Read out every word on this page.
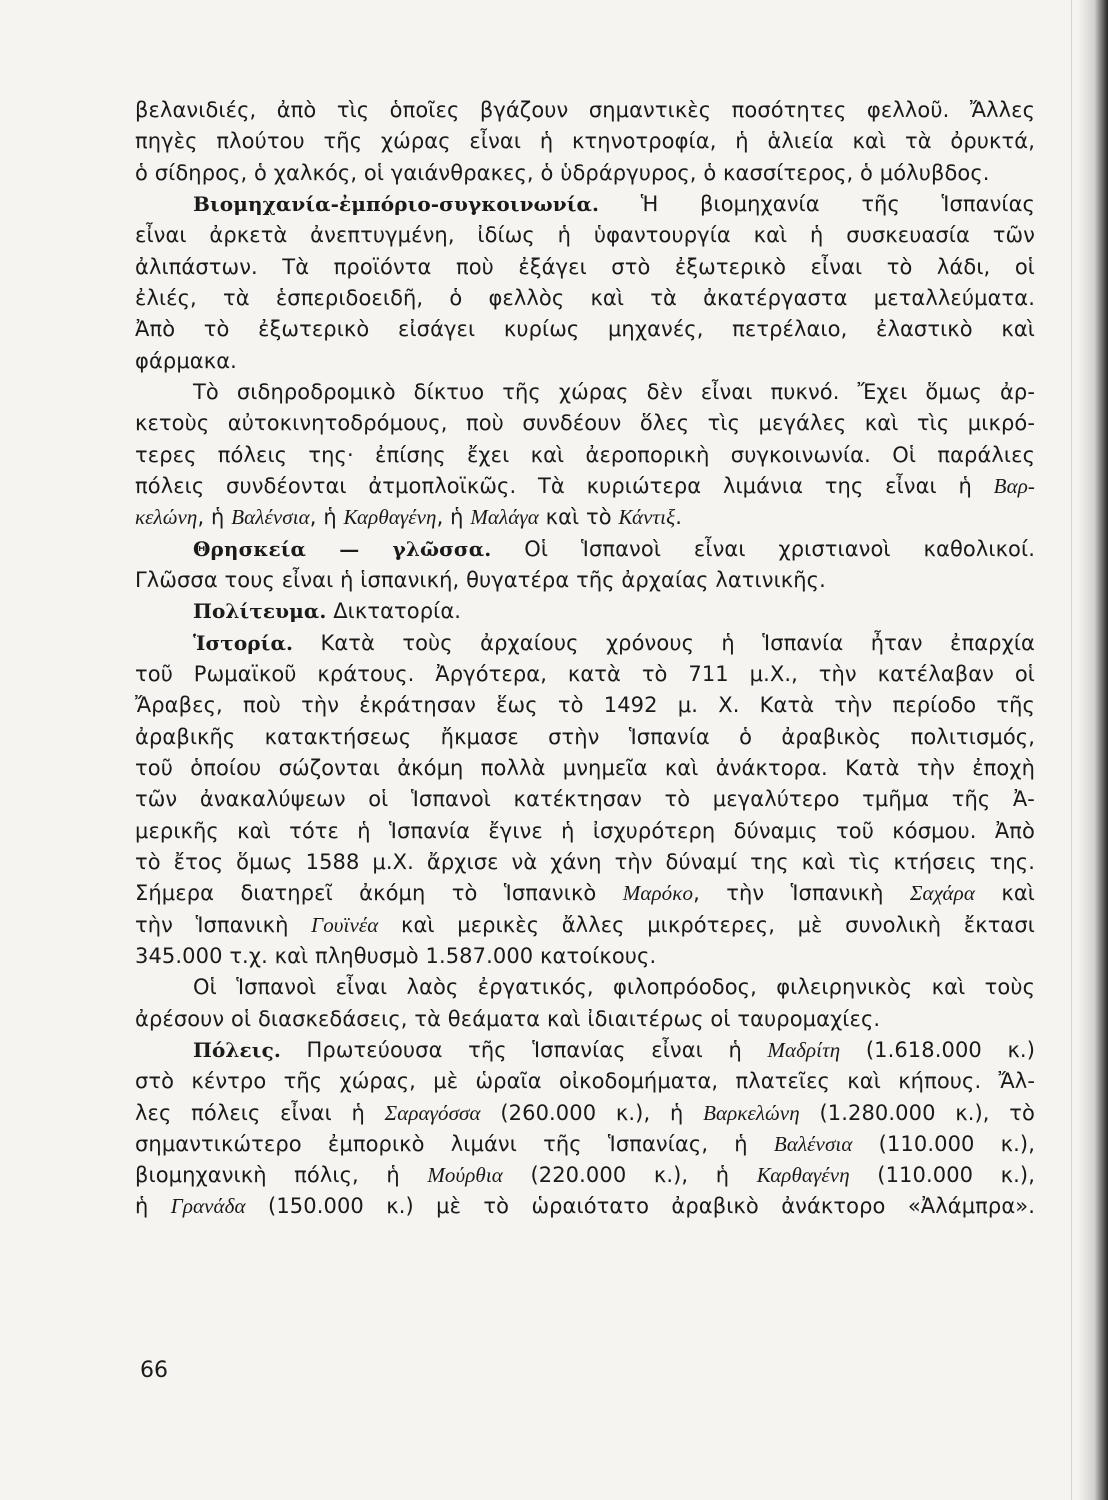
βελανιδιές, ἀπὸ τὶς ὁποῖες βγάζουν σημαντικὲς ποσότητες φελλοῦ. Ἄλλες
πηγὲς πλούτου τῆς χώρας εἶναι ἡ κτηνοτροφία, ἡ ἁλιεία καὶ τὰ ὀρυκτά,
ὁ σίδηρος, ὁ χαλκός, οἱ γαιάνθρακες, ὁ ὑδράργυρος, ὁ κασσίτερος, ὁ μόλυβδος.
Βιομηχανία-ἐμπόριο-συγκοινωνία. Ἡ βιομηχανία τῆς Ἱσπανίας
εἶναι ἀρκετὰ ἀνεπτυγμένη, ἰδίως ἡ ὑφαντουργία καὶ ἡ συσκευασία τῶν
ἀλιπάστων. Τὰ προϊόντα ποὺ ἐξάγει στὸ ἐξωτερικὸ εἶναι τὸ λάδι, οἱ
ἐλιές, τὰ ἑσπεριδοειδῆ, ὁ φελλὸς καὶ τὰ ἀκατέργαστα μεταλλεύματα.
Ἀπὸ τὸ ἐξωτερικὸ εἰσάγει κυρίως μηχανές, πετρέλαιο, ἐλαστικὸ καὶ
φάρμακα.
Τὸ σιδηροδρομικὸ δίκτυο τῆς χώρας δὲν εἶναι πυκνό. Ἔχει ὅμως ἀρ-
κετοὺς αὐτοκινητοδρόμους, ποὺ συνδέουν ὅλες τὶς μεγάλες καὶ τὶς μικρό-
τερες πόλεις της· ἐπίσης ἔχει καὶ ἀεροπορικὴ συγκοινωνία. Οἱ παράλιες
πόλεις συνδέονται ἀτμοπλοϊκῶς. Τὰ κυριώτερα λιμάνια της εἶναι ἡ Βαρ-
κελώνη, ἡ Βαλένσια, ἡ Καρθαγένη, ἡ Μαλάγα καὶ τὸ Κάντιξ.
Θρησκεία — γλῶσσα. Οἱ Ἱσπανοὶ εἶναι χριστιανοὶ καθολικοί.
Γλῶσσα τους εἶναι ἡ ἱσπανική, θυγατέρα τῆς ἀρχαίας λατινικῆς.
Πολίτευμα. Δικτατορία.
Ἱστορία. Κατὰ τοὺς ἀρχαίους χρόνους ἡ Ἱσπανία ἦταν ἐπαρχία
τοῦ Ρωμαϊκοῦ κράτους. Ἀργότερα, κατὰ τὸ 711 μ.Χ., τὴν κατέλαβαν οἱ
Ἄραβες, ποὺ τὴν ἐκράτησαν ἕως τὸ 1492 μ. Χ. Κατὰ τὴν περίοδο τῆς
ἀραβικῆς κατακτήσεως ἤκμασε στὴν Ἱσπανία ὁ ἀραβικὸς πολιτισμός,
τοῦ ὁποίου σώζονται ἀκόμη πολλὰ μνημεῖα καὶ ἀνάκτορα. Κατὰ τὴν ἐποχὴ
τῶν ἀνακαλύψεων οἱ Ἱσπανοὶ κατέκτησαν τὸ μεγαλύτερο τμῆμα τῆς Ἀ-
μερικῆς καὶ τότε ἡ Ἱσπανία ἔγινε ἡ ἰσχυρότερη δύναμις τοῦ κόσμου. Ἀπὸ
τὸ ἔτος ὅμως 1588 μ.Χ. ἄρχισε νὰ χάνη τὴν δύναμί της καὶ τὶς κτήσεις της.
Σήμερα διατηρεῖ ἀκόμη τὸ Ἱσπανικὸ Μαρόκο, τὴν Ἱσπανικὴ Σαχάρα καὶ
τὴν Ἱσπανικὴ Γουϊνέα καὶ μερικὲς ἄλλες μικρότερες, μὲ συνολικὴ ἔκτασι
345.000 τ.χ. καὶ πληθυσμὸ 1.587.000 κατοίκους.
Οἱ Ἱσπανοὶ εἶναι λαὸς ἐργατικός, φιλοπρόοδος, φιλειρηνικὸς καὶ τοὺς
ἀρέσουν οἱ διασκεδάσεις, τὰ θεάματα καὶ ἰδιαιτέρως οἱ ταυρομαχίες.
Πόλεις. Πρωτεύουσα τῆς Ἱσπανίας εἶναι ἡ Μαδρίτη (1.618.000 κ.)
στὸ κέντρο τῆς χώρας, μὲ ὡραῖα οἰκοδομήματα, πλατεῖες καὶ κήπους. Ἄλ-
λες πόλεις εἶναι ἡ Σαραγόσσα (260.000 κ.), ἡ Βαρκελώνη (1.280.000 κ.), τὸ
σημαντικώτερο ἐμπορικὸ λιμάνι τῆς Ἱσπανίας, ἡ Βαλένσια (110.000 κ.),
βιομηχανικὴ πόλις, ἡ Μούρθια (220.000 κ.), ἡ Καρθαγένη (110.000 κ.),
ἡ Γρανάδα (150.000 κ.) μὲ τὸ ὡραιότατο ἀραβικὸ ἀνάκτορο «Ἀλάμπρα».
66
